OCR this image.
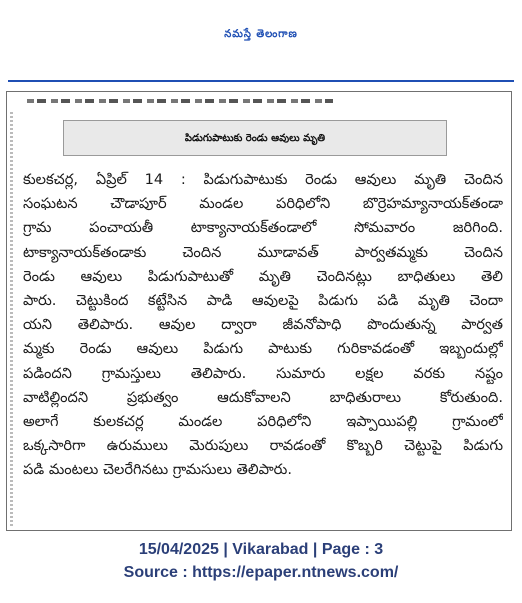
నమస్తే తెలంగాణ
పిడుగుపాటుకు రెండు ఆవులు మృతి
కులకచర్ల, ఏప్రిల్ 14 : పిడుగుపాటుకు రెండు ఆవులు మృతి చెందిన
సంఘటన చౌడాపూర్ మండల పరిధిలోని బొర్రెహమ్యానాయక్‌తండా
గ్రామ పంచాయతీ టాక్యానాయక్‌తండాలో సోమవారం జరిగింది.
టాక్యానాయక్‌తండాకు చెందిన మూడావత్ పార్వతమ్మకు చెందిన
రెండు ఆవులు పిడుగుపాటుతో మృతి చెందినట్లు బాధితులు తెలి
పారు. చెట్టుకింద కట్టేసిన పాడి ఆవులపై పిడుగు పడి మృతి చెందా
యని తెలిపారు. ఆవుల ద్వారా జీవనోపాధి పొందుతున్న పార్వత
మ్మకు రెండు ఆవులు పిడుగు పాటుకు గురికావడంతో ఇబ్బందుల్లో
పడిందని గ్రామస్తులు తెలిపారు. సుమారు లక్షల వరకు నష్టం
వాటిల్లిందని ప్రభుత్వం ఆదుకోవాలని బాధితురాలు కోరుతుంది.
అలాగే కులకచర్ల మండల పరిధిలోని ఇప్పాయిపల్లి గ్రామంలో
ఒక్కసారిగా ఉరుములు మెరుపులు రావడంతో కొబ్బరి చెట్టుపై పిడుగు
పడి మంటలు చెలరేగినటు గ్రామసులు తెలిపారు.
15/04/2025 | Vikarabad | Page : 3
Source : https://epaper.ntnews.com/
